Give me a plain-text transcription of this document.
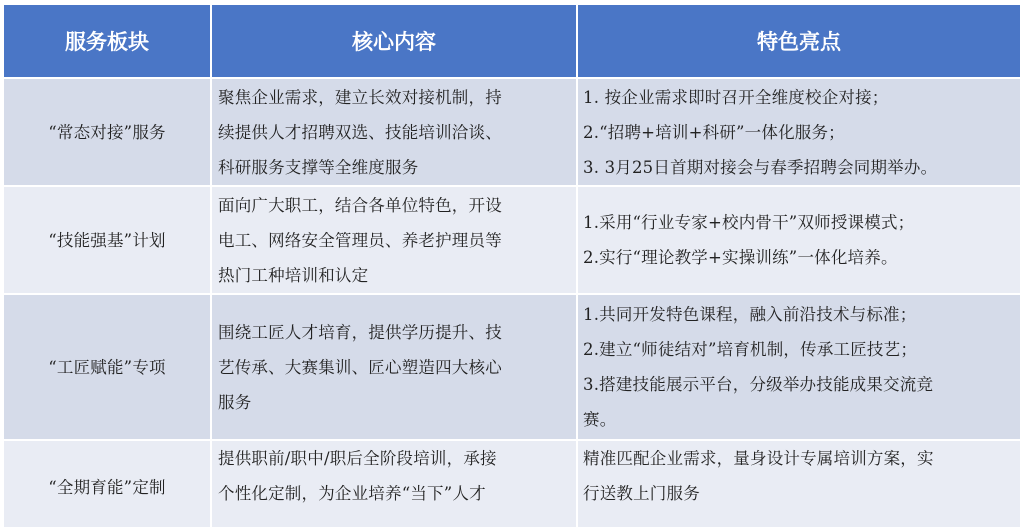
服务板块	核心内容	特色亮点
“常态对接”服务	聚焦企业需求，建立长效对接机制，持
续提供人才招聘双选、技能培训洽谈、
科研服务支撑等全维度服务	1. 按企业需求即时召开全维度校企对接；
2.“招聘+培训+科研”一体化服务；
3. 3月25日首期对接会与春季招聘会同期举办。

“技能强基”计划	面向广大职工，结合各单位特色，开设
电工、网络安全管理员、养老护理员等
热门工种培训和认定	1.采用“行业专家+校内骨干”双师授课模式；
2.实行“理论教学+实操训练”一体化培养。

“工匠赋能”专项	围绕工匠人才培育，提供学历提升、技
艺传承、大赛集训、匠心塑造四大核心
服务	1.共同开发特色课程，融入前沿技术与标准；
2.建立“师徒结对”培育机制，传承工匠技艺；
3.搭建技能展示平台，分级举办技能成果交流竞
赛。

“全期育能”定制	提供职前/职中/职后全阶段培训，承接
个性化定制，为企业培养“当下”人才	精准匹配企业需求，量身设计专属培训方案，实
行送教上门服务
